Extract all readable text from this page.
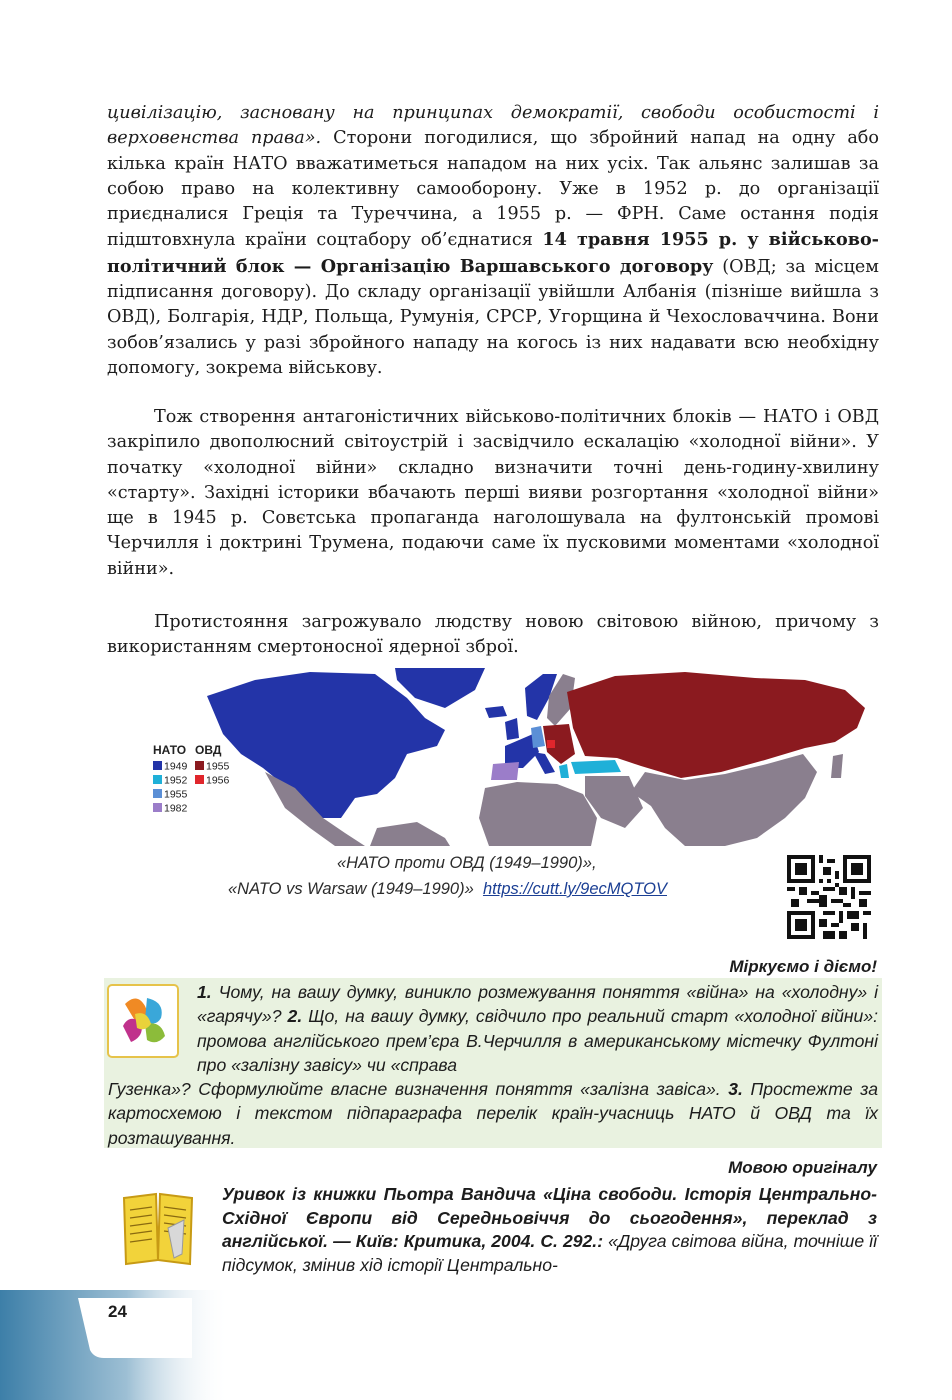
цивілізацію, засновану на принципах демократії, свободи особистості і верховенства права». Сторони погодилися, що збройний напад на одну або кілька країн НАТО вважатиметься нападом на них усіх. Так альянс залишав за собою право на колективну самооборону. Уже в 1952 р. до організації приєдналися Греція та Туреччина, а 1955 р. — ФРН. Саме остання подія підштовхнула країни соцтабору об’єднатися 14 травня 1955 р. у військово-політичний блок — Організацію Варшавського договору (ОВД; за місцем підписання договору). До складу організації увійшли Албанія (пізніше вийшла з ОВД), Болгарія, НДР, Польща, Румунія, СРСР, Угорщина й Чехословаччина. Вони зобов’язались у разі збройного нападу на когось із них надавати всю необхідну допомогу, зокрема військову.

Тож створення антагоністичних військово-політичних блоків — НАТО і ОВД закріпило двополюсний світоустрій і засвідчило ескалацію «холодної війни». У початку «холодної війни» складно визначити точні день-годину-хвилину «старту». Західні історики вбачають перші вияви розгортання «холодної війни» ще в 1945 р. Совєтська пропаганда наголошувала на фултонській промові Черчилля і доктрині Трумена, подаючи саме їх пусковими моментами «холодної війни».

Протистояння загрожувало людству новою світовою війною, причому з використанням смертоносної ядерної зброї.

НАТО ОВД
1949
1952
1955
1982
1955
1956
«НАТО проти ОВД (1949–1990)»,
«NATO vs Warsaw (1949–1990)» https://cutt.ly/9ecMQTOV
Міркуємо і діємо!

1. Чому, на вашу думку, виникло розмежування поняття «війна» на «холодну» і «гарячу»? 2. Що, на вашу думку, свідчило про реальний старт «холодної війни»: промова англійського прем’єра В.Черчилля в американському містечку Фултоні про «залізну завісу» чи «справа

Гузенка»? Сформулюйте власне визначення поняття «залізна завіса». 3. Простежте за картосхемою і текстом підпараграфа перелік країн-учасниць НАТО й ОВД та їх розташування.

Мовою оригіналу

Уривок із книжки Пьотра Вандича «Ціна свободи. Історія Центрально-Східної Європи від Середньовіччя до сьогодення», переклад з англійської. — Київ: Критика, 2004. С. 292.: «Друга світова війна, точніше її підсумок, змінив хід історії Центрально-

24
